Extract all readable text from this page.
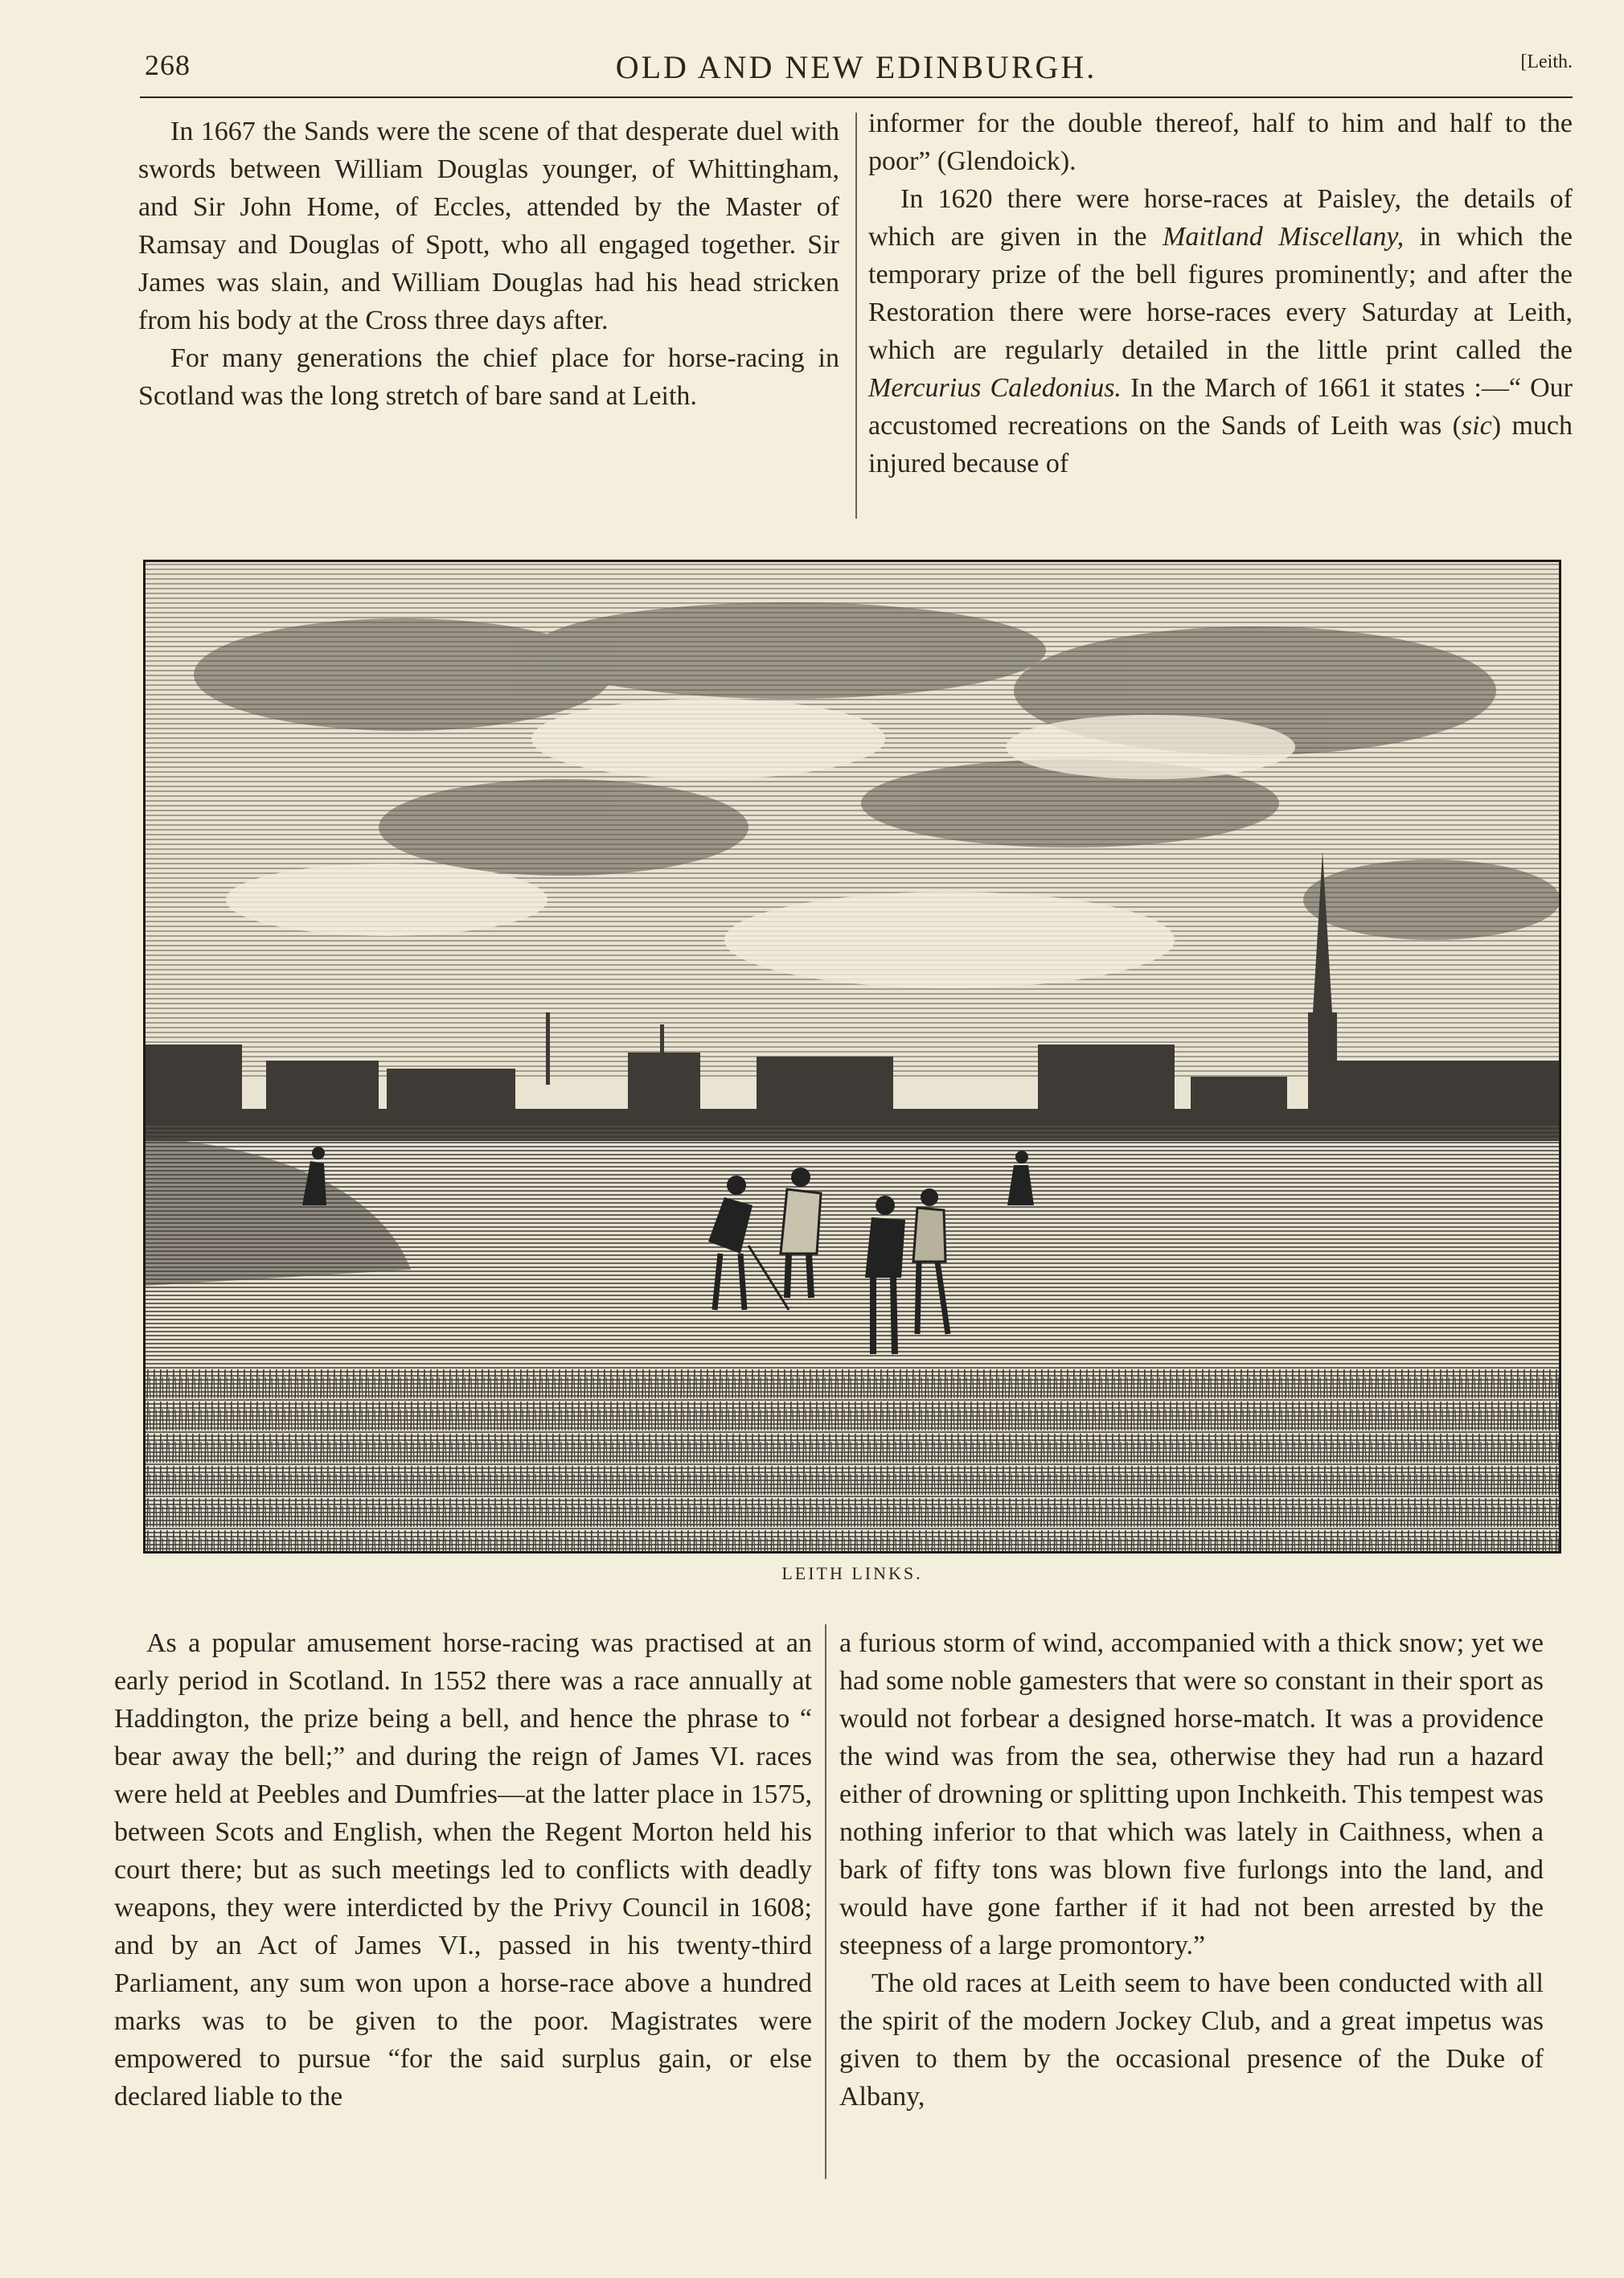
268	OLD AND NEW EDINBURGH.	[Leith.

In 1667 the Sands were the scene of that desperate duel with swords between William Douglas younger, of Whittingham, and Sir John Home, of Eccles, attended by the Master of Ramsay and Douglas of Spott, who all engaged together. Sir James was slain, and William Douglas had his head stricken from his body at the Cross three days after.

For many generations the chief place for horse-racing in Scotland was the long stretch of bare sand at Leith.

informer for the double thereof, half to him and half to the poor” (Glendoick).

In 1620 there were horse-races at Paisley, the details of which are given in the Maitland Miscellany, in which the temporary prize of the bell figures prominently; and after the Restoration there were horse-races every Saturday at Leith, which are regularly detailed in the little print called the Mercurius Caledonius. In the March of 1661 it states :—“ Our accustomed recreations on the Sands of Leith was (sic) much injured because of

LEITH LINKS.

As a popular amusement horse-racing was practised at an early period in Scotland. In 1552 there was a race annually at Haddington, the prize being a bell, and hence the phrase to “ bear away the bell;” and during the reign of James VI. races were held at Peebles and Dumfries—at the latter place in 1575, between Scots and English, when the Regent Morton held his court there; but as such meetings led to conflicts with deadly weapons, they were interdicted by the Privy Council in 1608; and by an Act of James VI., passed in his twenty-third Parliament, any sum won upon a horse-race above a hundred marks was to be given to the poor. Magistrates were empowered to pursue “for the said surplus gain, or else declared liable to the

a furious storm of wind, accompanied with a thick snow; yet we had some noble gamesters that were so constant in their sport as would not forbear a designed horse-match. It was a providence the wind was from the sea, otherwise they had run a hazard either of drowning or splitting upon Inchkeith. This tempest was nothing inferior to that which was lately in Caithness, when a bark of fifty tons was blown five furlongs into the land, and would have gone farther if it had not been arrested by the steepness of a large promontory.”

The old races at Leith seem to have been conducted with all the spirit of the modern Jockey Club, and a great impetus was given to them by the occasional presence of the Duke of Albany,
